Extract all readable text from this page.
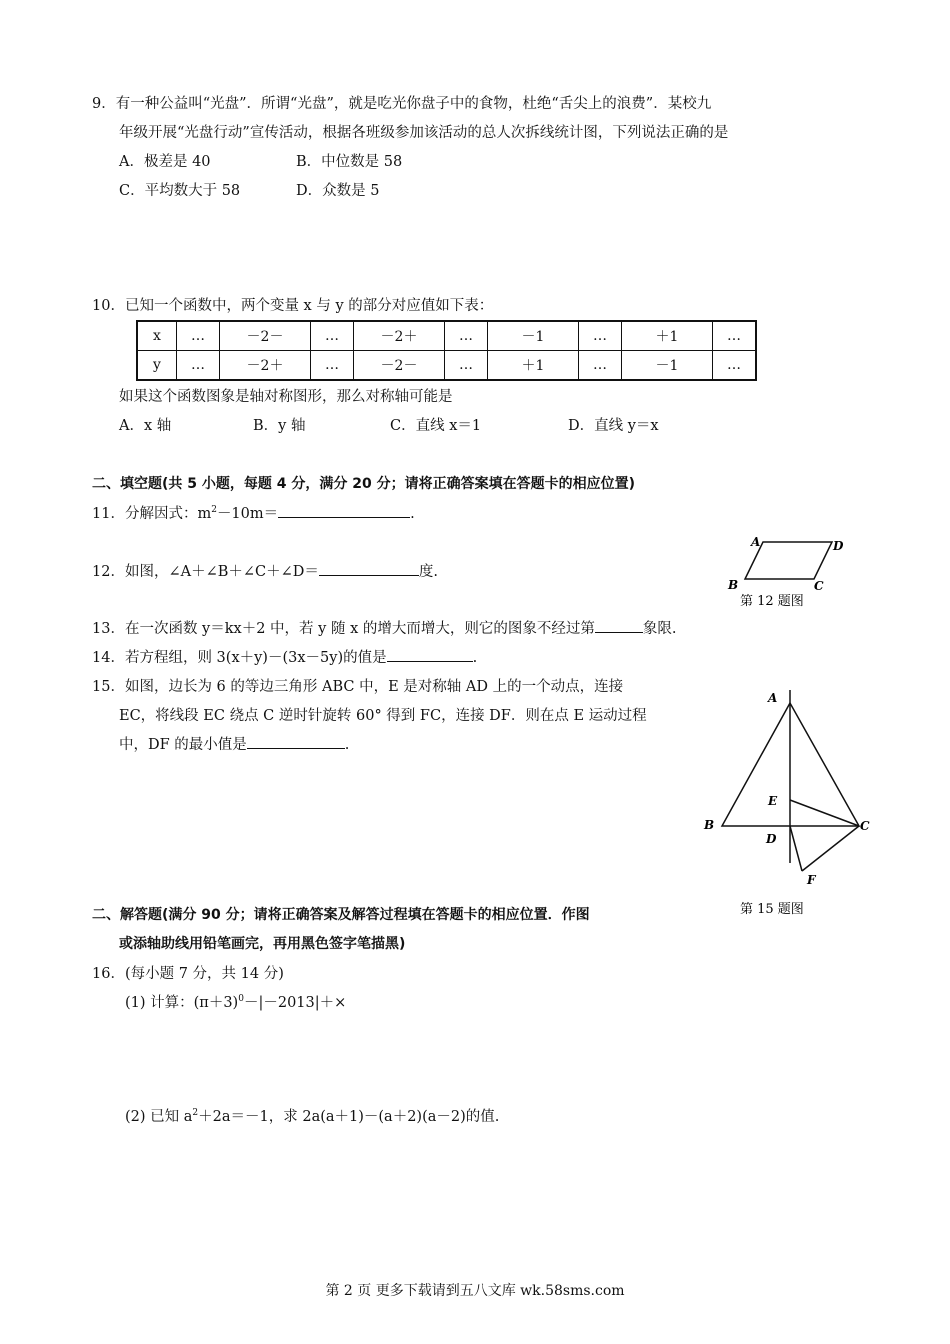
9．有一种公益叫“光盘”．所谓“光盘”，就是吃光你盘子中的食物，杜绝“舌尖上的浪费”．某校九
年级开展“光盘行动”宣传活动，根据各班级参加该活动的总人次拆线统计图，下列说法正确的是
A．极差是 40	B．中位数是 58
C．平均数大于 58	D．众数是 5
10．已知一个函数中，两个变量 x 与 y 的部分对应值如下表：
x	…	－2－	…	－2＋	…	－1	…	＋1	…
y	…	－2＋	…	－2－	…	＋1	…	－1	…
如果这个函数图象是轴对称图形，那么对称轴可能是
A．x 轴	B．y 轴	C．直线 x＝1	D．直线 y＝x
二、填空题(共 5 小题，每题 4 分，满分 20 分；请将正确答案填在答题卡的相应位置)
11．分解因式：$m^2-10m=$	.
12．如图，∠A＋∠B＋∠C＋∠D＝	度.
A	D
B	C
第 12 题图
13．在一次函数 y＝kx＋2 中，若 y 随 x 的增大而增大，则它的图象不经过第	象限.
14．若方程组，则 3(x＋y)－(3x－5y)的值是	.
15．如图，边长为 6 的等边三角形 ABC 中，E 是对称轴 AD 上的一个动点，连接
EC，将线段 EC 绕点 C 逆时针旋转 60° 得到 FC，连接 DF．则在点 E 运动过程
中，DF 的最小值是	.
A
B	C
D
E
F
第 15 题图
二、解答题(满分 90 分；请将正确答案及解答过程填在答题卡的相应位置．作图
或添轴助线用铅笔画完，再用黑色签字笔描黑)
16．(每小题 7 分，共 14 分)
(1) 计算：$(\pi+3)^0-|-2013|+\times$
(2) 已知 $a^2+2a=-1$，求 2a(a＋1)－(a＋2)(a－2)的值.
第 2 页 更多下载请到五八文库 wk.58sms.com
